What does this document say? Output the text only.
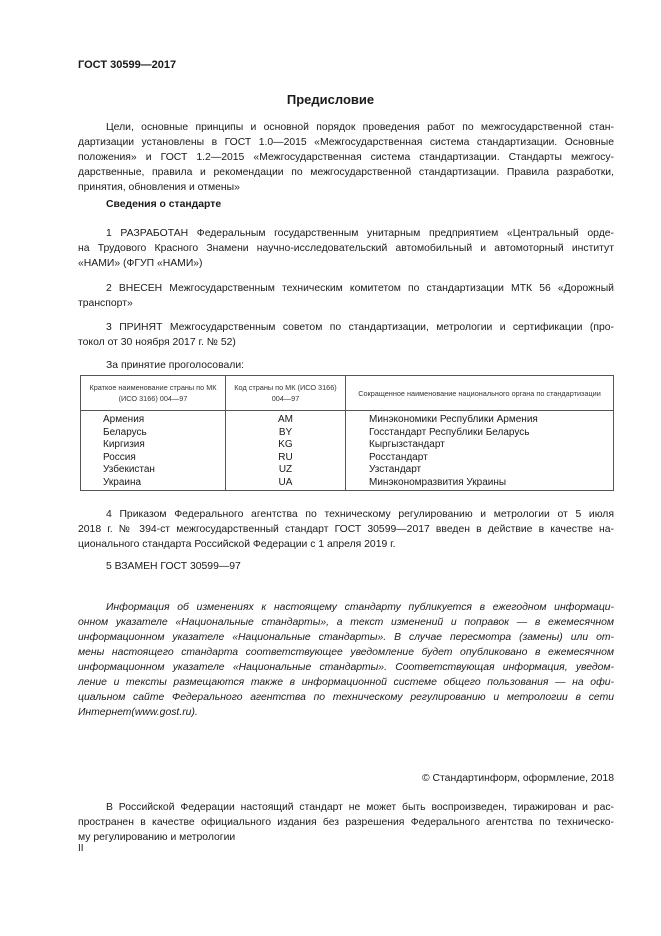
ГОСТ 30599—2017
Предисловие
Цели, основные принципы и основной порядок проведения работ по межгосударственной стан-
дартизации установлены в ГОСТ 1.0—2015 «Межгосударственная система стандартизации. Основные
положения» и ГОСТ 1.2—2015 «Межгосударственная система стандартизации. Стандарты межгосу-
дарственные, правила и рекомендации по межгосударственной стандартизации. Правила разработки,
принятия, обновления и отмены»
Сведения о стандарте
1 РАЗРАБОТАН Федеральным государственным унитарным предприятием «Центральный орде-
на Трудового Красного Знамени научно-исследовательский автомобильный и автомоторный институт
«НАМИ» (ФГУП «НАМИ»)
2 ВНЕСЕН Межгосударственным техническим комитетом по стандартизации МТК 56 «Дорожный
транспорт»
3 ПРИНЯТ Межгосударственным советом по стандартизации, метрологии и сертификации (про-
токол от 30 ноября 2017 г. № 52)
За принятие проголосовали:
Краткое наименование страны по МК (ИСО 3166) 004—97	Код страны по МК (ИСО 3166) 004—97	Сокращенное наименование национального органа по стандартизации
Армения	AM	Минэкономики Республики Армения
Беларусь	BY	Госстандарт Республики Беларусь
Киргизия	KG	Кыргызстандарт
Россия	RU	Росстандарт
Узбекистан	UZ	Узстандарт
Украина	UA	Минэкономразвития Украины
4 Приказом Федерального агентства по техническому регулированию и метрологии от 5 июля
2018 г. № 394-ст межгосударственный стандарт ГОСТ 30599—2017 введен в действие в качестве на-
ционального стандарта Российской Федерации с 1 апреля 2019 г.
5 ВЗАМЕН ГОСТ 30599—97
Информация об изменениях к настоящему стандарту публикуется в ежегодном информаци-
онном указателе «Национальные стандарты», а текст изменений и поправок — в ежемесячном
информационном указателе «Национальные стандарты». В случае пересмотра (замены) или от-
мены настоящего стандарта соответствующее уведомление будет опубликовано в ежемесячном
информационном указателе «Национальные стандарты». Соответствующая информация, уведом-
ление и тексты размещаются также в информационной системе общего пользования — на офи-
циальном сайте Федерального агентства по техническому регулированию и метрологии в сети
Интернет(www.gost.ru).
© Стандартинформ, оформление, 2018
В Российской Федерации настоящий стандарт не может быть воспроизведен, тиражирован и рас-
пространен в качестве официального издания без разрешения Федерального агентства по техническо-
му регулированию и метрологии
II
